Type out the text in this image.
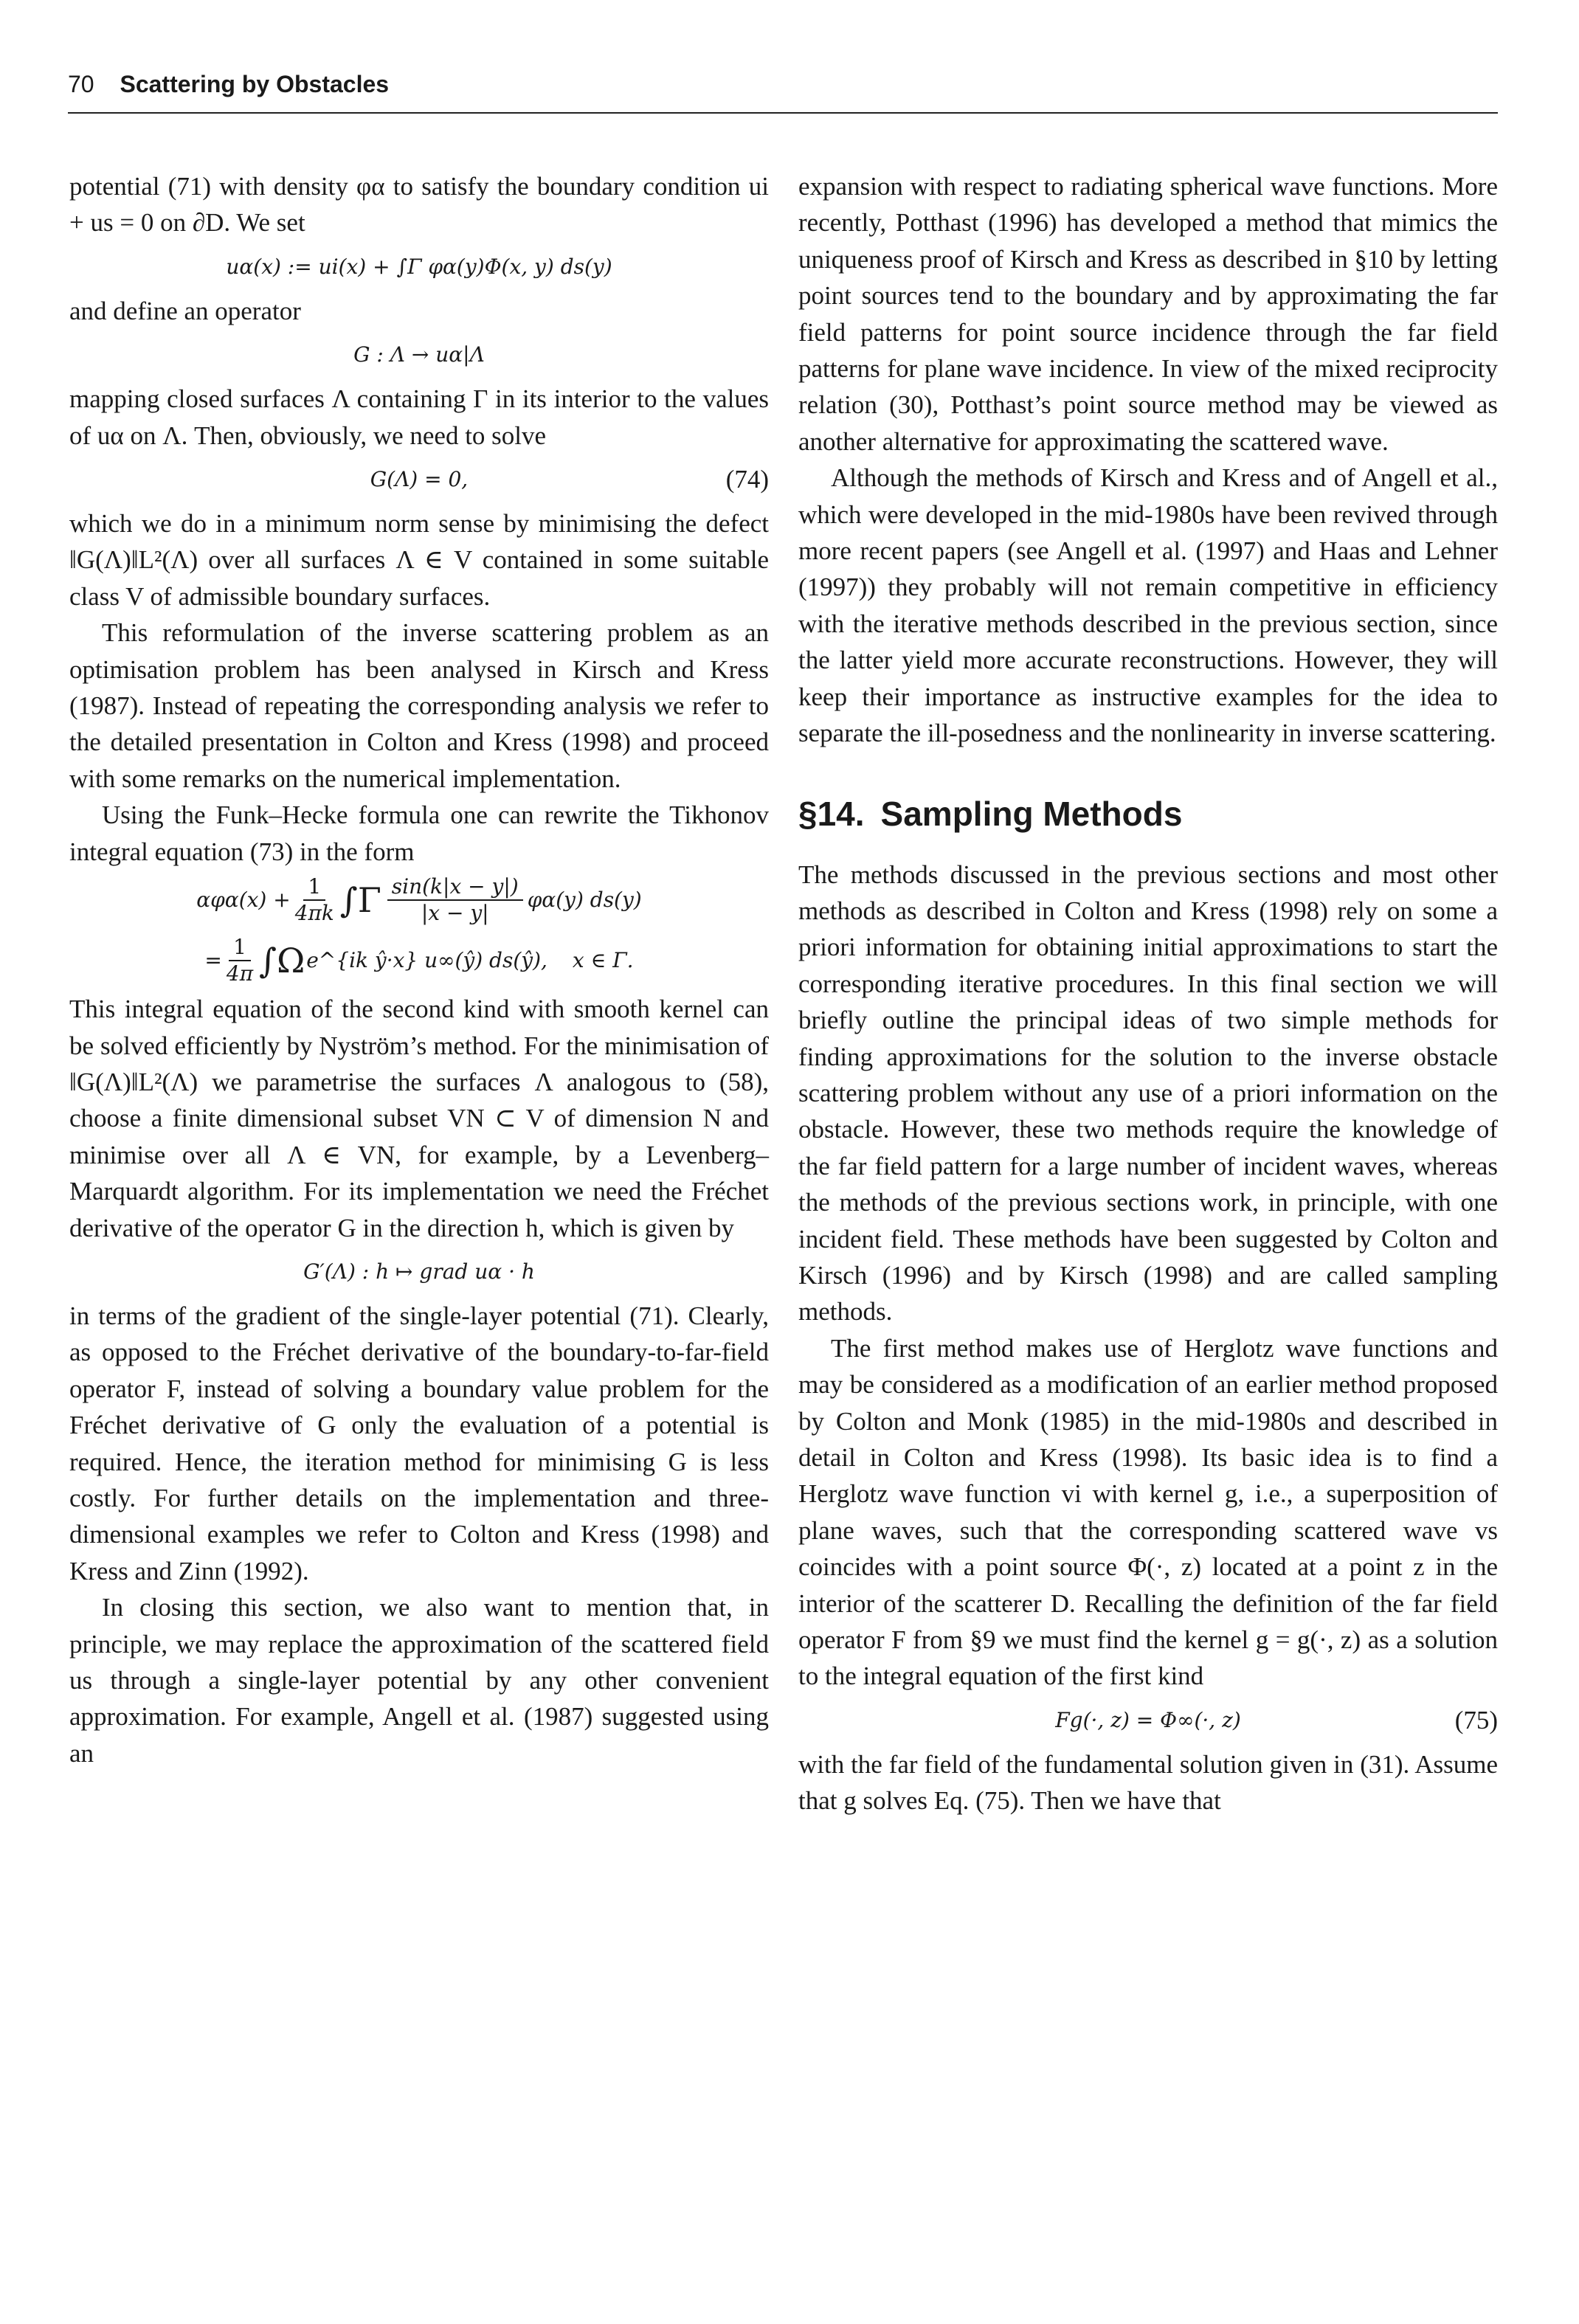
70 Scattering by Obstacles

potential (71) with density φα to satisfy the boundary condition ui + us = 0 on ∂D. We set

uα(x) := ui(x) + ∫Γ φα(y)Φ(x, y) ds(y)

and define an operator

G : Λ → uα|Λ

mapping closed surfaces Λ containing Γ in its interior to the values of uα on Λ. Then, obviously, we need to solve

G(Λ) = 0,	(74)

which we do in a minimum norm sense by minimising the defect ‖G(Λ)‖L²(Λ) over all surfaces Λ ∈ V contained in some suitable class V of admissible boundary surfaces.

This reformulation of the inverse scattering problem as an optimisation problem has been analysed in Kirsch and Kress (1987). Instead of repeating the corresponding analysis we refer to the detailed presentation in Colton and Kress (1998) and proceed with some remarks on the numerical implementation.

Using the Funk–Hecke formula one can rewrite the Tikhonov integral equation (73) in the form

$\alpha\varphi\alpha(x) + \frac{1}{4\pi k} \int\Gamma \frac{\sin(k|x - y|)}{|x - y|} \varphi\alpha(y)$ ds(y)
= $\frac{1}{4\pi} \int\Omega$ e^{ik ŷ·x} u∞(ŷ) ds(ŷ), x ∈ Γ.

This integral equation of the second kind with smooth kernel can be solved efficiently by Nyström’s method. For the minimisation of ‖G(Λ)‖L²(Λ) we parametrise the surfaces Λ analogous to (58), choose a finite dimensional subset VN ⊂ V of dimension N and minimise over all Λ ∈ VN, for example, by a Levenberg–Marquardt algorithm. For its implementation we need the Fréchet derivative of the operator G in the direction h, which is given by

G′(Λ) : h ↦ grad uα · h

in terms of the gradient of the single-layer potential (71). Clearly, as opposed to the Fréchet derivative of the boundary-to-far-field operator F, instead of solving a boundary value problem for the Fréchet derivative of G only the evaluation of a potential is required. Hence, the iteration method for minimising G is less costly. For further details on the implementation and three-dimensional examples we refer to Colton and Kress (1998) and Kress and Zinn (1992).

In closing this section, we also want to mention that, in principle, we may replace the approximation of the scattered field us through a single-layer potential by any other convenient approximation. For example, Angell et al. (1987) suggested using an

expansion with respect to radiating spherical wave functions. More recently, Potthast (1996) has developed a method that mimics the uniqueness proof of Kirsch and Kress as described in §10 by letting point sources tend to the boundary and by approximating the far field patterns for point source incidence through the far field patterns for plane wave incidence. In view of the mixed reciprocity relation (30), Potthast’s point source method may be viewed as another alternative for approximating the scattered wave.

Although the methods of Kirsch and Kress and of Angell et al., which were developed in the mid-1980s have been revived through more recent papers (see Angell et al. (1997) and Haas and Lehner (1997)) they probably will not remain competitive in efficiency with the iterative methods described in the previous section, since the latter yield more accurate reconstructions. However, they will keep their importance as instructive examples for the idea to separate the ill-posedness and the nonlinearity in inverse scattering.

§14. Sampling Methods

The methods discussed in the previous sections and most other methods as described in Colton and Kress (1998) rely on some a priori information for obtaining initial approximations to start the corresponding iterative procedures. In this final section we will briefly outline the principal ideas of two simple methods for finding approximations for the solution to the inverse obstacle scattering problem without any use of a priori information on the obstacle. However, these two methods require the knowledge of the far field pattern for a large number of incident waves, whereas the methods of the previous sections work, in principle, with one incident field. These methods have been suggested by Colton and Kirsch (1996) and by Kirsch (1998) and are called sampling methods.

The first method makes use of Herglotz wave functions and may be considered as a modification of an earlier method proposed by Colton and Monk (1985) in the mid-1980s and described in detail in Colton and Kress (1998). Its basic idea is to find a Herglotz wave function vi with kernel g, i.e., a superposition of plane waves, such that the corresponding scattered wave vs coincides with a point source Φ(·, z) located at a point z in the interior of the scatterer D. Recalling the definition of the far field operator F from §9 we must find the kernel g = g(·, z) as a solution to the integral equation of the first kind

Fg(·, z) = Φ∞(·, z)	(75)

with the far field of the fundamental solution given in (31). Assume that g solves Eq. (75). Then we have that
